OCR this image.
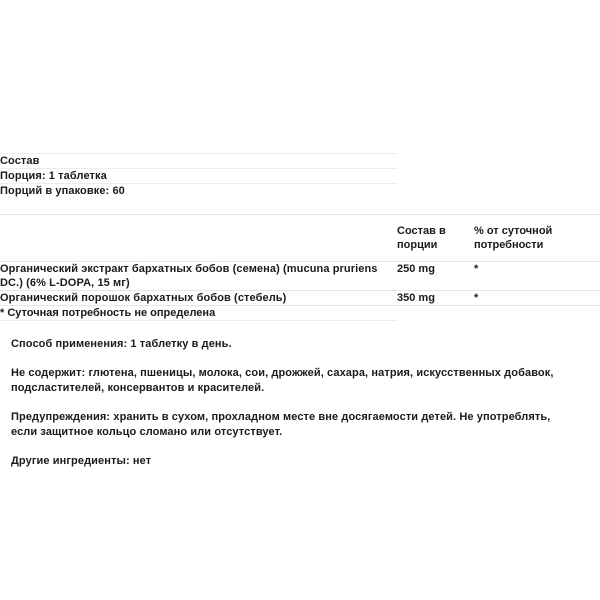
Состав		
Порция: 1 таблетка		
Порций в упаковке: 60		

	Состав в порции	% от суточной потребности
Органический экстракт бархатных бобов (семена) (mucuna pruriens DC.) (6% L-DOPA, 15 мг)	250 mg	*
Органический порошок бархатных бобов (стебель)	350 mg	*
* Суточная потребность не определена		

Способ применения: 1 таблетку в день.

Не содержит: глютена, пшеницы, молока, сои, дрожжей, сахара, натрия, искусственных добавок, подсластителей, консервантов и красителей.

Предупреждения: хранить в сухом, прохладном месте вне досягаемости детей. Не употреблять, если защитное кольцо сломано или отсутствует.

Другие ингредиенты: нет
